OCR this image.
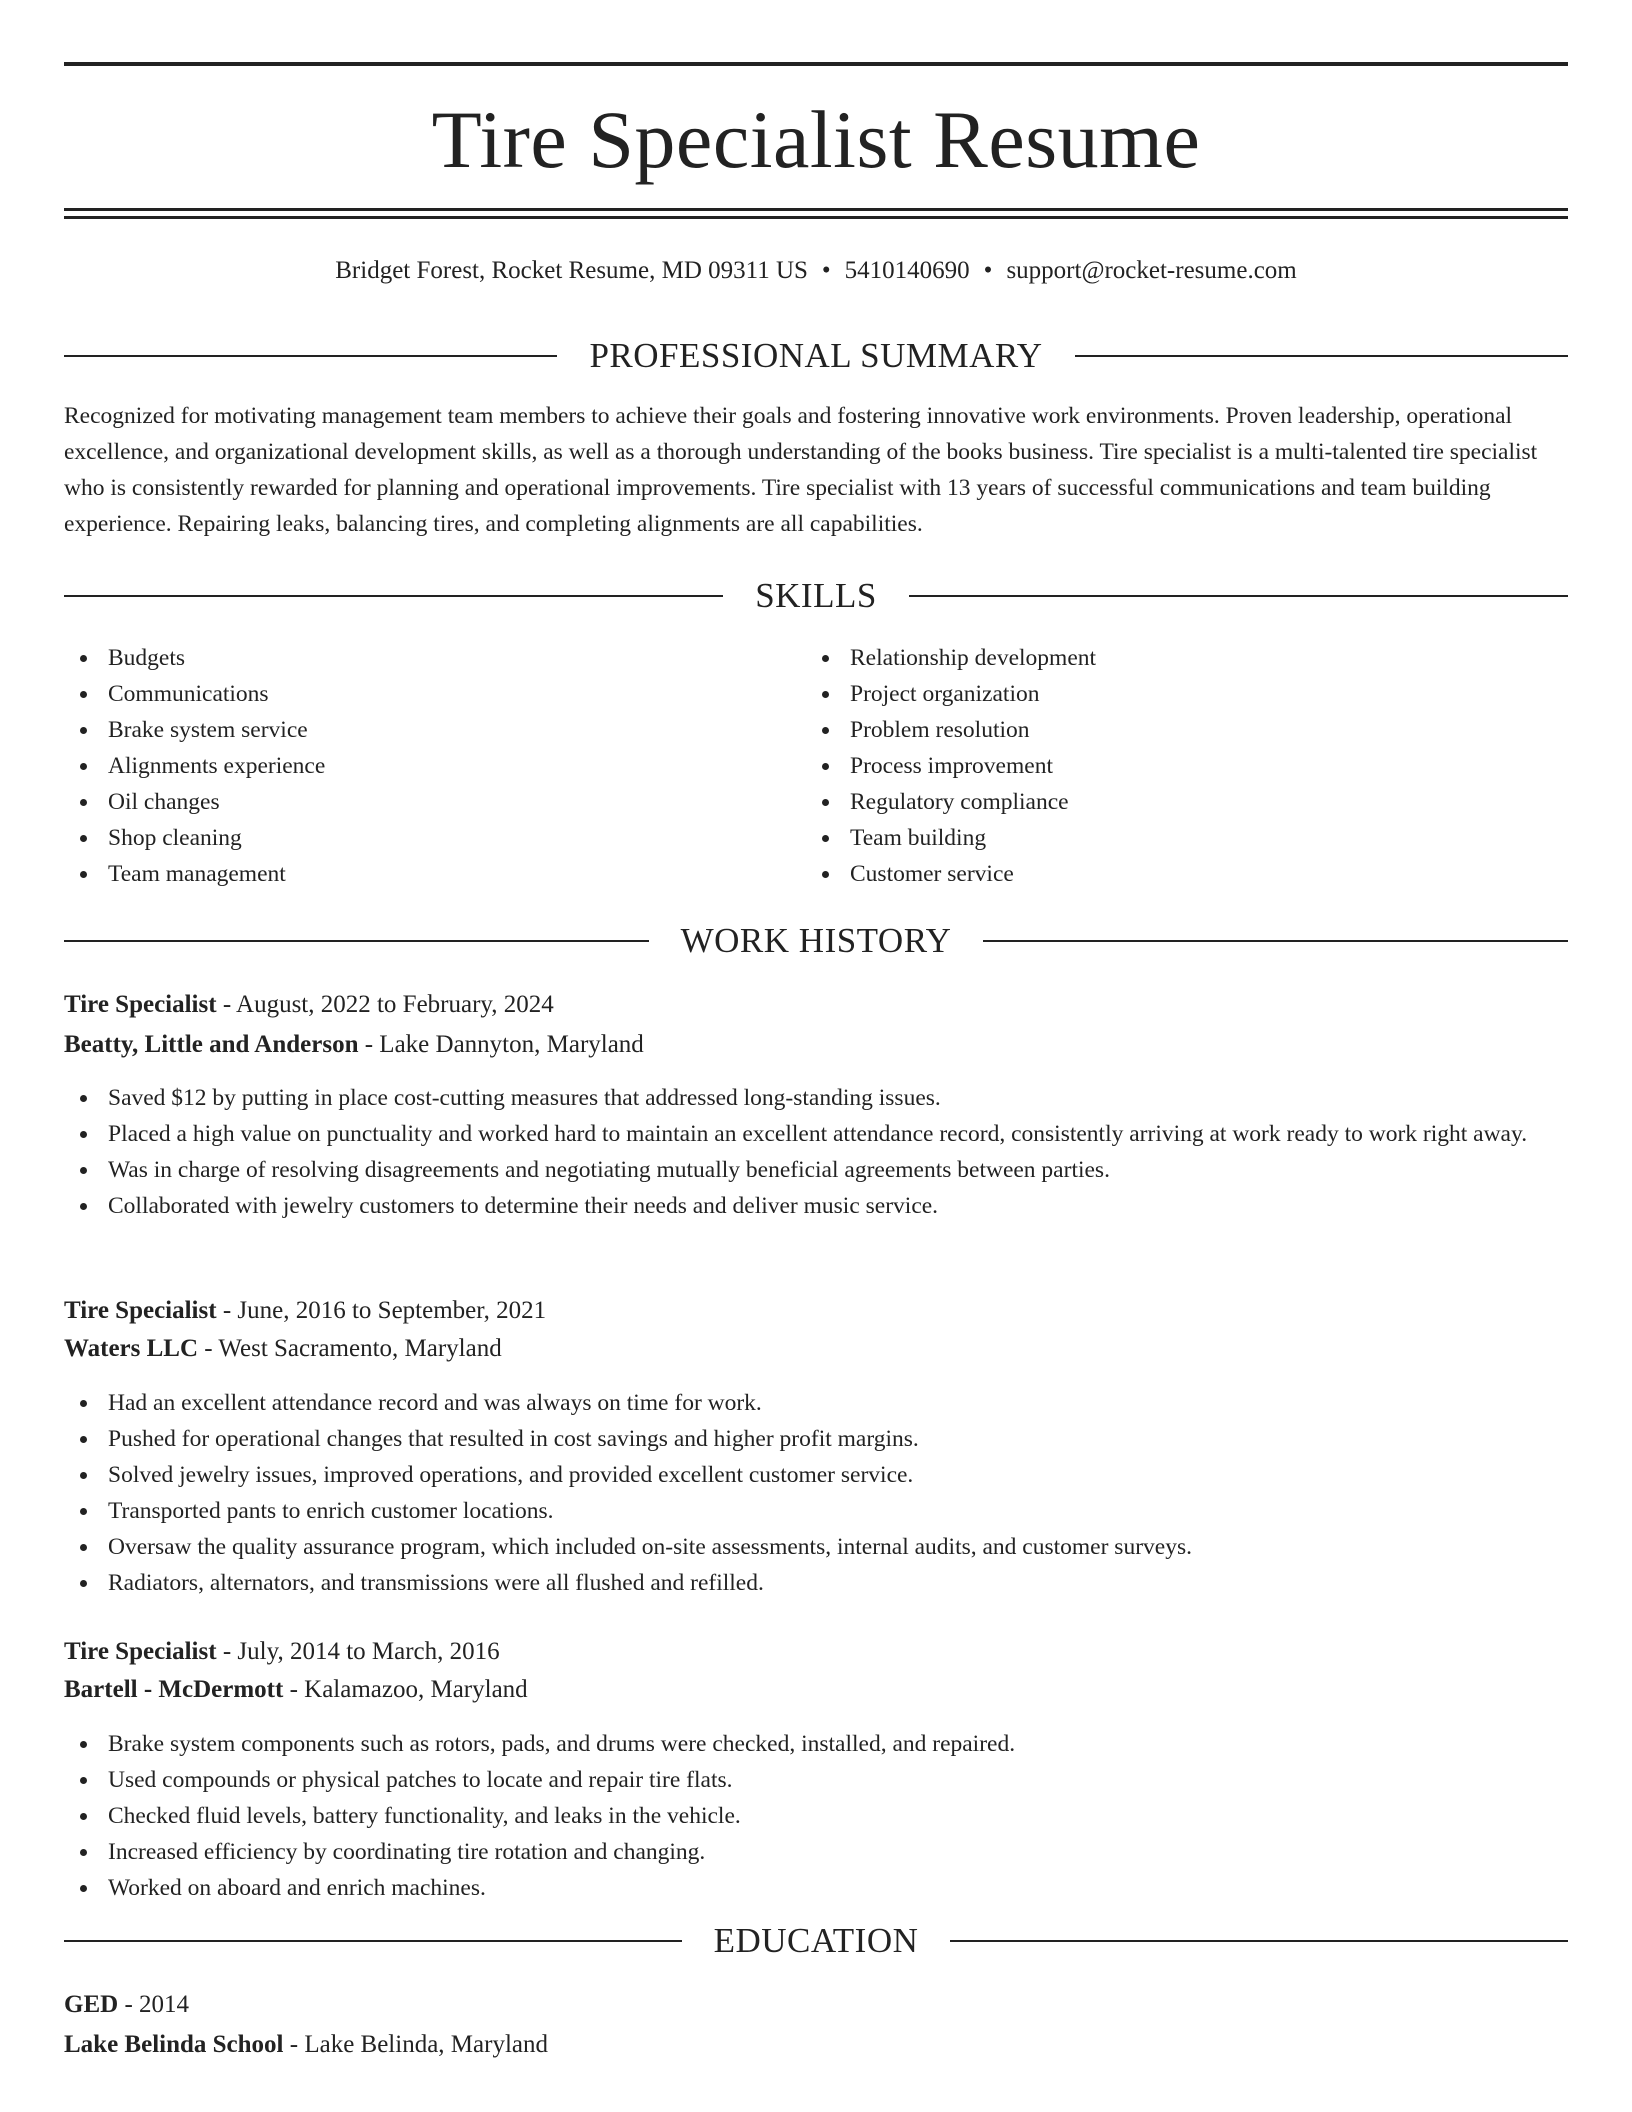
Tire Specialist Resume
Bridget Forest, Rocket Resume, MD 09311 US • 5410140690 • support@rocket-resume.com
PROFESSIONAL SUMMARY

Recognized for motivating management team members to achieve their goals and fostering innovative work environments. Proven leadership, operational excellence, and organizational development skills, as well as a thorough understanding of the books business. Tire specialist is a multi-talented tire specialist who is consistently rewarded for planning and operational improvements. Tire specialist with 13 years of successful communications and team building experience. Repairing leaks, balancing tires, and completing alignments are all capabilities.

SKILLS
Budgets
Communications
Brake system service
Alignments experience
Oil changes
Shop cleaning
Team management
Relationship development
Project organization
Problem resolution
Process improvement
Regulatory compliance
Team building
Customer service
WORK HISTORY
Tire Specialist - August, 2022 to February, 2024
Beatty, Little and Anderson - Lake Dannyton, Maryland
Saved $12 by putting in place cost-cutting measures that addressed long-standing issues.
Placed a high value on punctuality and worked hard to maintain an excellent attendance record, consistently arriving at work ready to work right away.
Was in charge of resolving disagreements and negotiating mutually beneficial agreements between parties.
Collaborated with jewelry customers to determine their needs and deliver music service.
Tire Specialist - June, 2016 to September, 2021
Waters LLC - West Sacramento, Maryland
Had an excellent attendance record and was always on time for work.
Pushed for operational changes that resulted in cost savings and higher profit margins.
Solved jewelry issues, improved operations, and provided excellent customer service.
Transported pants to enrich customer locations.
Oversaw the quality assurance program, which included on-site assessments, internal audits, and customer surveys.
Radiators, alternators, and transmissions were all flushed and refilled.
Tire Specialist - July, 2014 to March, 2016
Bartell - McDermott - Kalamazoo, Maryland
Brake system components such as rotors, pads, and drums were checked, installed, and repaired.
Used compounds or physical patches to locate and repair tire flats.
Checked fluid levels, battery functionality, and leaks in the vehicle.
Increased efficiency by coordinating tire rotation and changing.
Worked on aboard and enrich machines.
EDUCATION
GED - 2014
Lake Belinda School - Lake Belinda, Maryland
